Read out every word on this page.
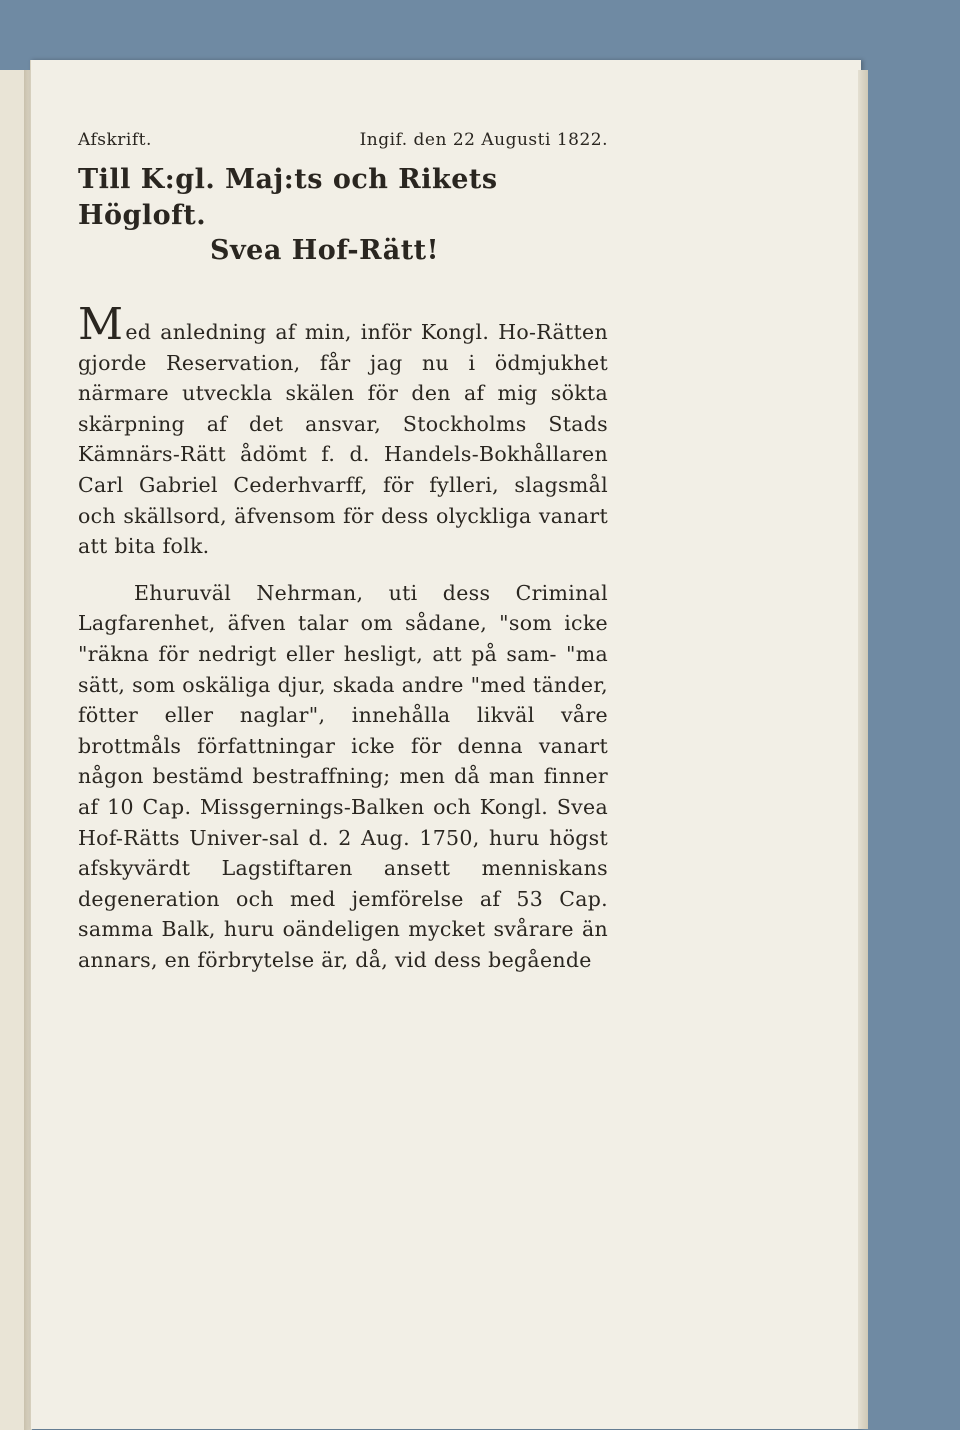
Afskrift.	Ingif. den 22 Augusti 1822.
Till K:gl. Maj:ts och Rikets Högloft.
Svea Hof-Rätt!

Med anledning af min, inför Kongl. Ho-Rätten gjorde Reservation, får jag nu i ödmjukhet närmare utveckla skälen för den af mig sökta skärpning af det ansvar, Stockholms Stads Kämnärs-Rätt ådömt f. d. Handels-Bokhållaren Carl Gabriel Cederhvarff, för fylleri, slagsmål och skällsord, äfvensom för dess olyckliga vanart att bita folk.

Ehuruväl Nehrman, uti dess Criminal Lagfarenhet, äfven talar om sådane, "som icke "räkna för nedrigt eller hesligt, att på sam- "ma sätt, som oskäliga djur, skada andre "med tänder, fötter eller naglar", innehålla likväl våre brottmåls författningar icke för denna vanart någon bestämd bestraffning; men då man finner af 10 Cap. Missgernings-Balken och Kongl. Svea Hof-Rätts Univer-sal d. 2 Aug. 1750, huru högst afskyvärdt Lagstiftaren ansett menniskans degeneration och med jemförelse af 53 Cap. samma Balk, huru oändeligen mycket svårare än annars, en förbrytelse är, då, vid dess begående
